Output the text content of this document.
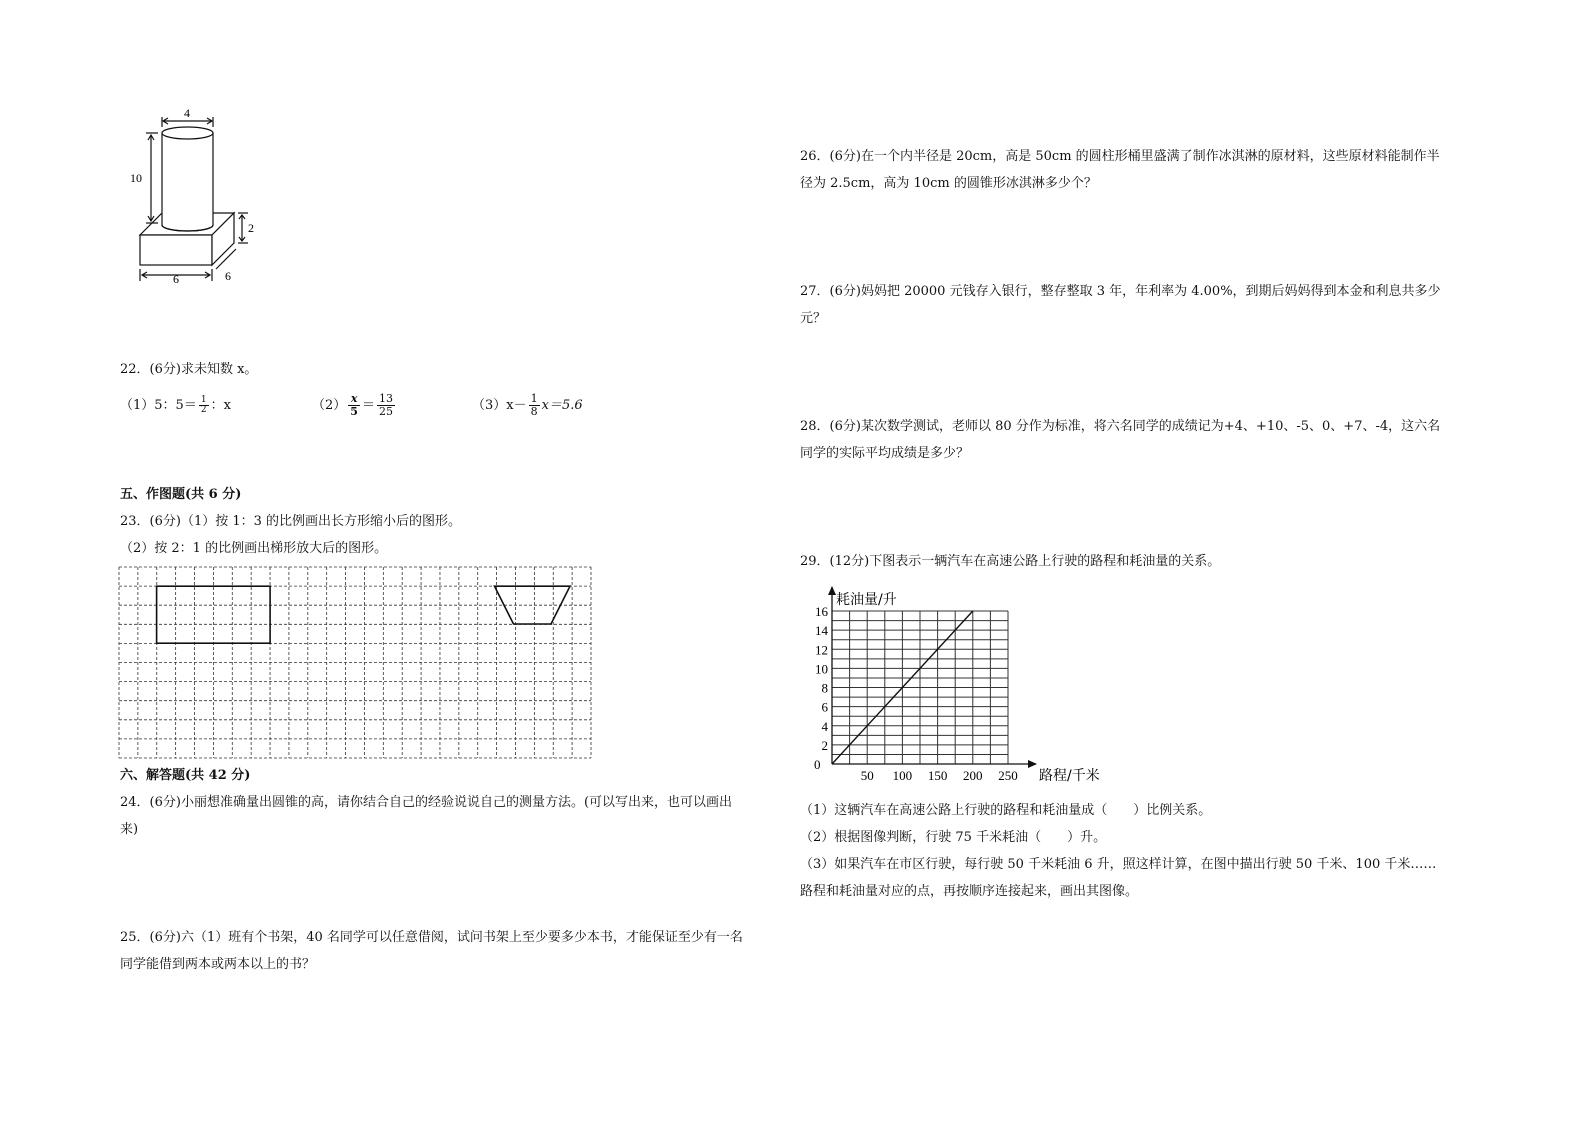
4
10
2
6	6
22．(6分)求未知数 x。
（1）5：$5= \frac{1}{2}$ ：x	$(2) \frac{x}{5} = \frac{13}{25}$	$(3)x- \frac{1}{8} x=5.6$
五、作图题(共 6 分)
23．(6分)（1）按 1：3 的比例画出长方形缩小后的图形。
（2）按 2：1 的比例画出梯形放大后的图形。
六、解答题(共 42 分)
24．(6分)小丽想准确量出圆锥的高，请你结合自己的经验说说自己的测量方法。(可以写出来，也可以画出
来)
25．(6分)六（1）班有个书架，40 名同学可以任意借阅，试问书架上至少要多少本书，才能保证至少有一名
同学能借到两本或两本以上的书？
26．(6分)在一个内半径是 20cm，高是 50cm 的圆柱形桶里盛满了制作冰淇淋的原材料，这些原材料能制作半
径为 2.5cm，高为 10cm 的圆锥形冰淇淋多少个？
27．(6分)妈妈把 20000 元钱存入银行，整存整取 3 年，年利率为 4.00%，到期后妈妈得到本金和利息共多少
元？
28．(6分)某次数学测试，老师以 80 分作为标准，将六名同学的成绩记为+4、+10、-5、0、+7、-4，这六名
同学的实际平均成绩是多少？
29．(12分)下图表示一辆汽车在高速公路上行驶的路程和耗油量的关系。
50 100 150 200 250
2
4
6
8
10
12
14
16
耗油量/升
路程/千米
0
（1）这辆汽车在高速公路上行驶的路程和耗油量成（　　）比例关系。
（2）根据图像判断，行驶 75 千米耗油（　　）升。
（3）如果汽车在市区行驶，每行驶 50 千米耗油 6 升，照这样计算，在图中描出行驶 50 千米、100 千米……
路程和耗油量对应的点，再按顺序连接起来，画出其图像。
